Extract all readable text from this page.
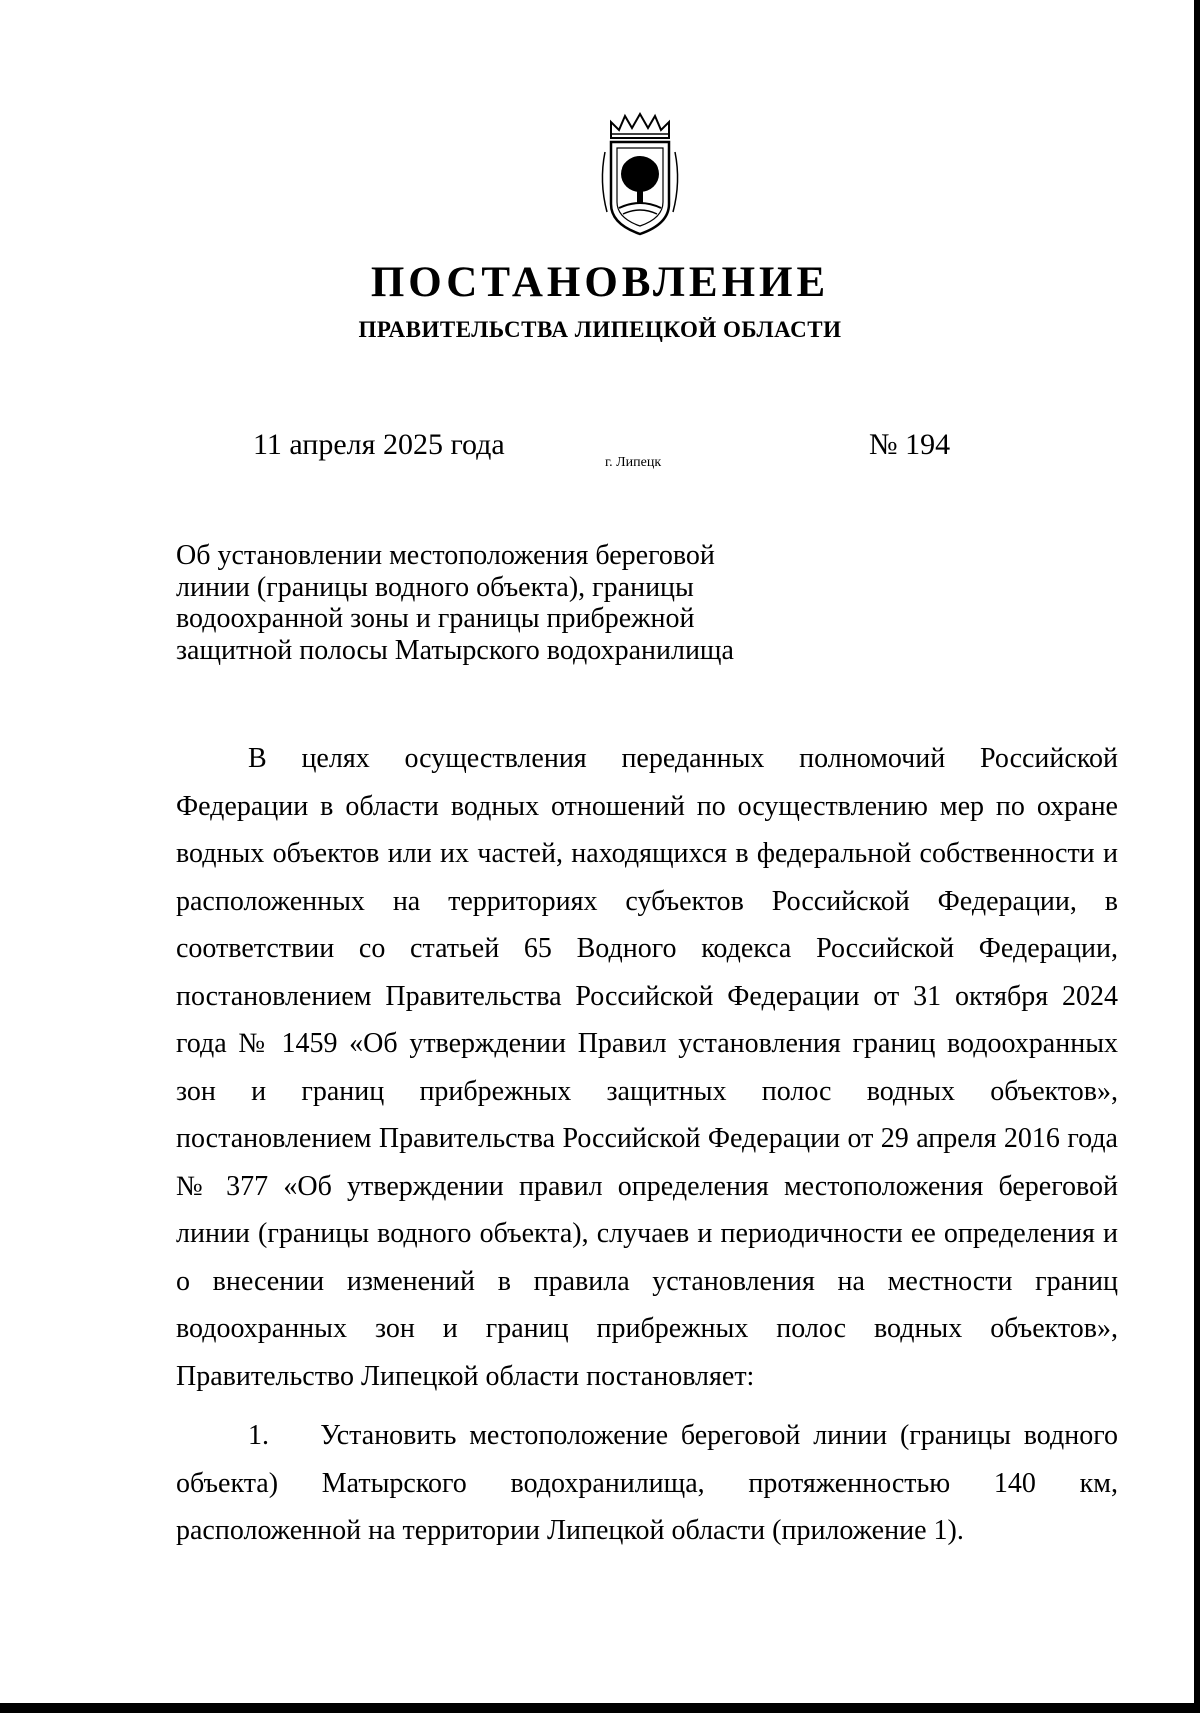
ПОСТАНОВЛЕНИЕ
ПРАВИТЕЛЬСТВА ЛИПЕЦКОЙ ОБЛАСТИ
11 апреля 2025 года
г. Липецк
№ 194
Об установлении местоположения береговой
линии (границы водного объекта), границы
водоохранной зоны и границы прибрежной
защитной полосы Матырского водохранилища

В целях осуществления переданных полномочий Российской Федерации в области водных отношений по осуществлению мер по охране водных объектов или их частей, находящихся в федеральной собственности и расположенных на территориях субъектов Российской Федерации, в соответствии со статьей 65 Водного кодекса Российской Федерации, постановлением Правительства Российской Федерации от 31 октября 2024 года № 1459 «Об утверждении Правил установления границ водоохранных зон и границ прибрежных защитных полос водных объектов», постановлением Правительства Российской Федерации от 29 апреля 2016 года № 377 «Об утверждении правил определения местоположения береговой линии (границы водного объекта), случаев и периодичности ее определения и о внесении изменений в правила установления на местности границ водоохранных зон и границ прибрежных полос водных объектов», Правительство Липецкой области постановляет:

1. Установить местоположение береговой линии (границы водного объекта) Матырского водохранилища, протяженностью 140 км, расположенной на территории Липецкой области (приложение 1).
